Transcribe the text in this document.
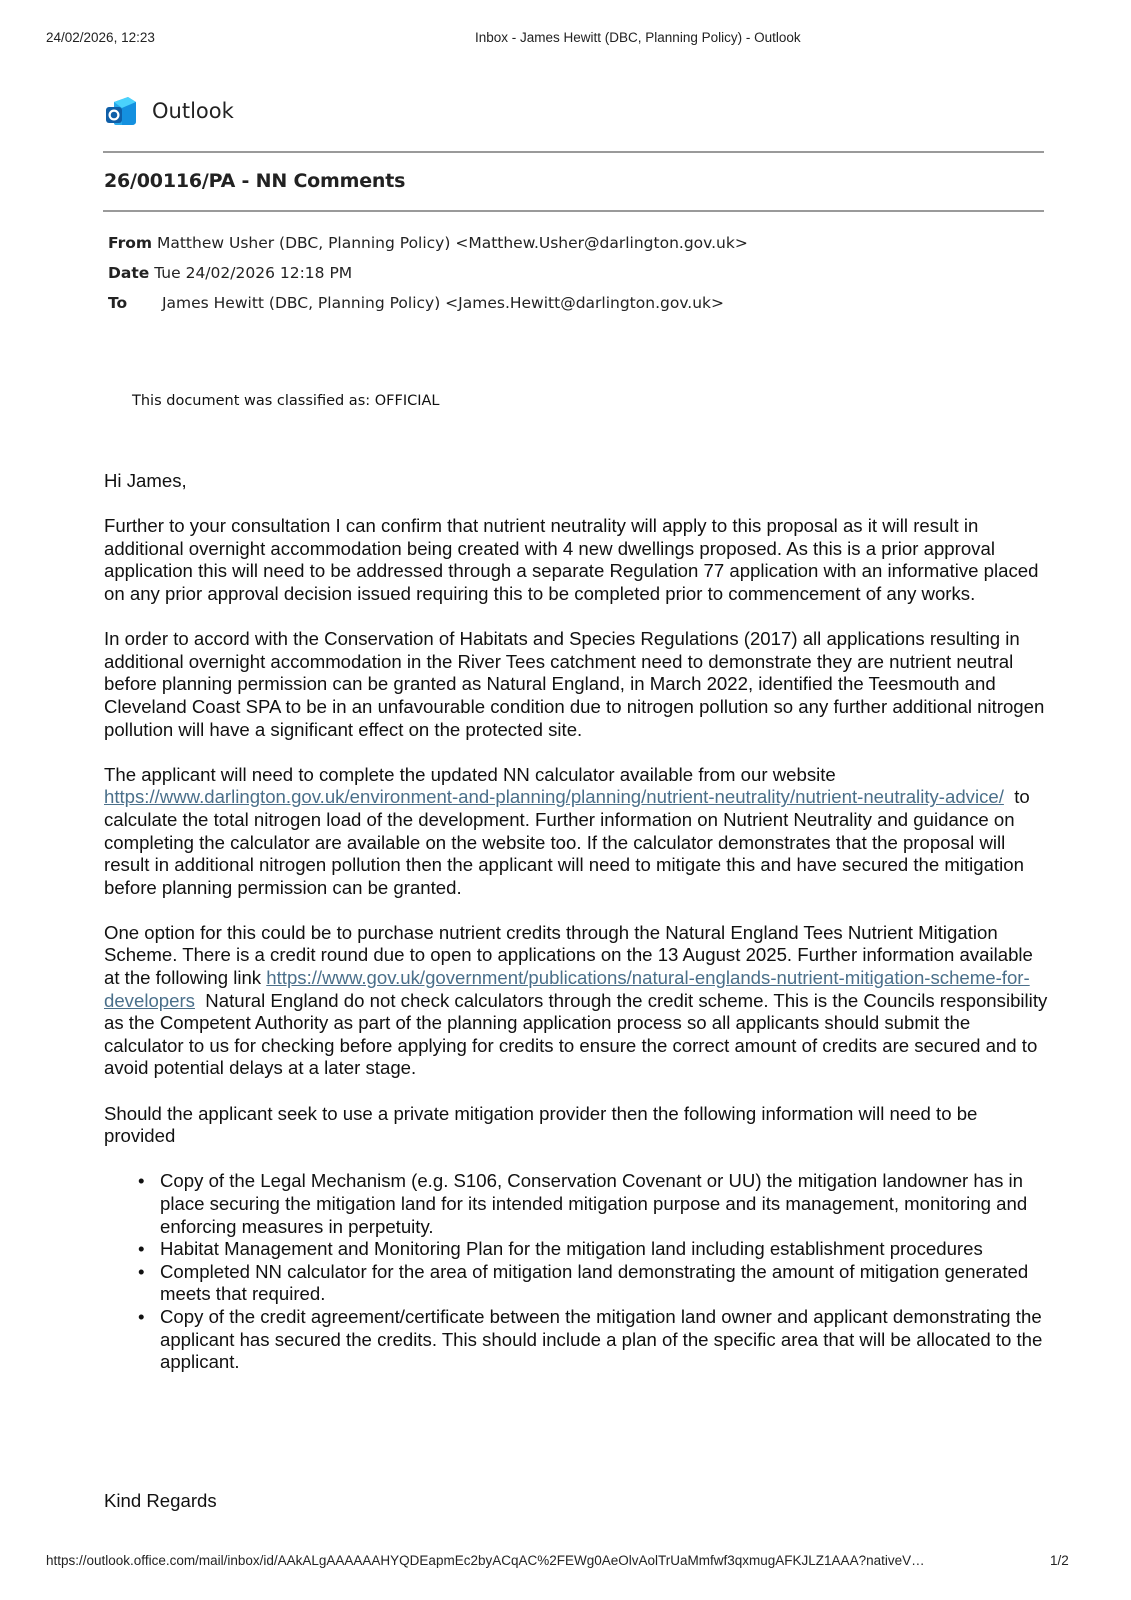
24/02/2026, 12:23	Inbox - James Hewitt (DBC, Planning Policy) - Outlook
Outlook
26/00116/PA - NN Comments
From Matthew Usher (DBC, Planning Policy) <Matthew.Usher@darlington.gov.uk>
Date Tue 24/02/2026 12:18 PM
To James Hewitt (DBC, Planning Policy) <James.Hewitt@darlington.gov.uk>
This document was classified as: OFFICIAL

Hi James,

Further to your consultation I can confirm that nutrient neutrality will apply to this proposal as it will result in additional overnight accommodation being created with 4 new dwellings proposed. As this is a prior approval application this will need to be addressed through a separate Regulation 77 application with an informative placed on any prior approval decision issued requiring this to be completed prior to commencement of any works.

In order to accord with the Conservation of Habitats and Species Regulations (2017) all applications resulting in additional overnight accommodation in the River Tees catchment need to demonstrate they are nutrient neutral before planning permission can be granted as Natural England, in March 2022, identified the Teesmouth and Cleveland Coast SPA to be in an unfavourable condition due to nitrogen pollution so any further additional nitrogen pollution will have a significant effect on the protected site.

The applicant will need to complete the updated NN calculator available from our website https://www.darlington.gov.uk/environment-and-planning/planning/nutrient-neutrality/nutrient-neutrality-advice/  to calculate the total nitrogen load of the development. Further information on Nutrient Neutrality and guidance on completing the calculator are available on the website too. If the calculator demonstrates that the proposal will result in additional nitrogen pollution then the applicant will need to mitigate this and have secured the mitigation before planning permission can be granted.

One option for this could be to purchase nutrient credits through the Natural England Tees Nutrient Mitigation Scheme. There is a credit round due to open to applications on the 13 August 2025. Further information available at the following link https://www.gov.uk/government/publications/natural-englands-nutrient-mitigation-scheme-for-developers  Natural England do not check calculators through the credit scheme. This is the Councils responsibility as the Competent Authority as part of the planning application process so all applicants should submit the calculator to us for checking before applying for credits to ensure the correct amount of credits are secured and to avoid potential delays at a later stage.

Should the applicant seek to use a private mitigation provider then the following information will need to be provided

• Copy of the Legal Mechanism (e.g. S106, Conservation Covenant or UU) the mitigation landowner has in place securing the mitigation land for its intended mitigation purpose and its management, monitoring and enforcing measures in perpetuity.
• Habitat Management and Monitoring Plan for the mitigation land including establishment procedures
• Completed NN calculator for the area of mitigation land demonstrating the amount of mitigation generated meets that required.
• Copy of the credit agreement/certificate between the mitigation land owner and applicant demonstrating the applicant has secured the credits. This should include a plan of the specific area that will be allocated to the applicant.
Kind Regards
https://outlook.office.com/mail/inbox/id/AAkALgAAAAAAHYQDEapmEc2byACqAC%2FEWg0AeOlvAolTrUaMmfwf3qxmugAFKJLZ1AAA?nativeV…	1/2
